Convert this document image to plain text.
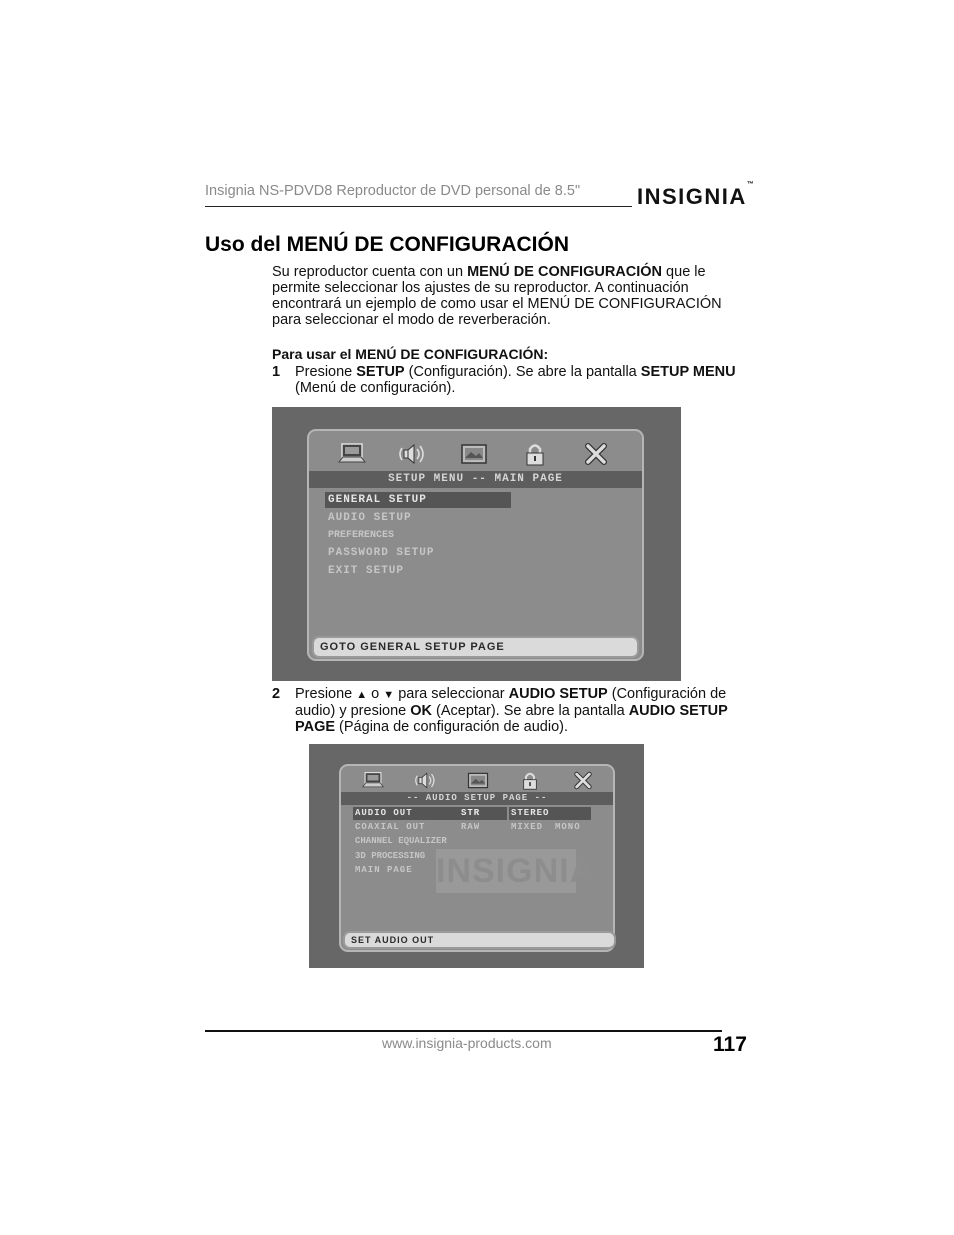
Insignia NS-PDVD8 Reproductor de DVD personal de 8.5"	INSIGNIA™
Uso del MENÚ DE CONFIGURACIÓN
Su reproductor cuenta con un MENÚ DE CONFIGURACIÓN que le permite seleccionar los ajustes de su reproductor. A continuación encontrará un ejemplo de como usar el MENÚ DE CONFIGURACIÓN para seleccionar el modo de reverberación.
Para usar el MENÚ DE CONFIGURACIÓN:
1 Presione SETUP (Configuración). Se abre la pantalla SETUP MENU (Menú de configuración).
SETUP MENU -- MAIN PAGE
GENERAL SETUP
AUDIO SETUP
PREFERENCES
PASSWORD SETUP
EXIT SETUP
GOTO GENERAL SETUP PAGE
2 Presione ▲ o ▼ para seleccionar AUDIO SETUP (Configuración de audio) y presione OK (Aceptar). Se abre la pantalla AUDIO SETUP PAGE (Página de configuración de audio).
-- AUDIO SETUP PAGE --
INSIGNIA
AUDIO OUT	STR	STEREO
COAXIAL OUT	RAW	MIXED MONO
CHANNEL EQUALIZER
3D PROCESSING
MAIN PAGE
SET AUDIO OUT
www.insignia-products.com	117
